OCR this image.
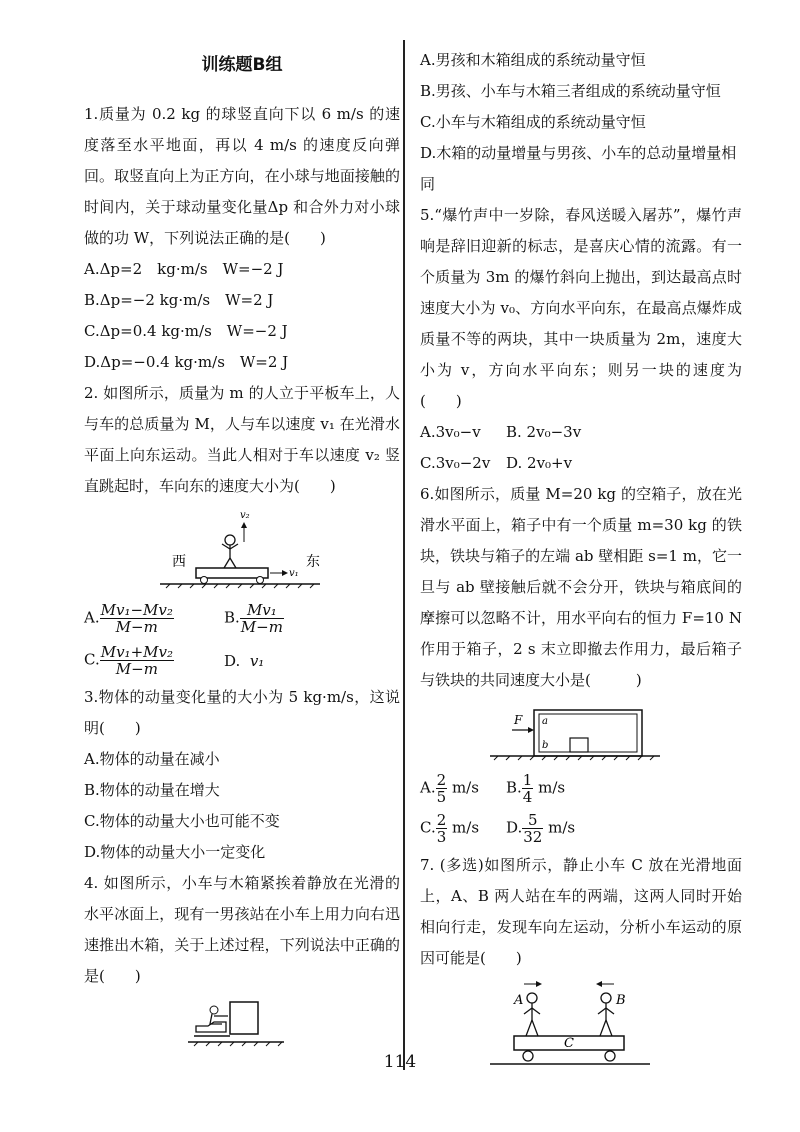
训练题B组

1.质量为 0.2 kg 的球竖直向下以 6 m/s 的速度落至水平地面，再以 4 m/s 的速度反向弹回。取竖直向上为正方向，在小球与地面接触的时间内，关于球动量变化量Δp 和合外力对小球做的功 W，下列说法正确的是(　　)

A.Δp=2　kg·m/s　W=−2 J

B.Δp=−2 kg·m/s　W=2 J

C.Δp=0.4 kg·m/s　W=−2 J

D.Δp=−0.4 kg·m/s　W=2 J

2. 如图所示，质量为 m 的人立于平板车上，人与车的总质量为 M，人与车以速度 v₁ 在光滑水平面上向东运动。当此人相对于车以速度 v₂ 竖直跳起时，车向东的速度大小为(　　)

西	东
v₂
v₁
A. $\frac{\text{Mv₁−Mv₂}}{M-m}$	B. $\frac{\text{Mv₁}}{M-m}$
C. $\frac{\text{Mv₁+Mv₂}}{M-m}$	D. v₁

3.物体的动量变化量的大小为 5 kg·m/s，这说明(　　)

A.物体的动量在减小

B.物体的动量在增大

C.物体的动量大小也可能不变

D.物体的动量大小一定变化

4. 如图所示，小车与木箱紧挨着静放在光滑的水平冰面上，现有一男孩站在小车上用力向右迅速推出木箱，关于上述过程，下列说法中正确的是(　　)

A.男孩和木箱组成的系统动量守恒

B.男孩、小车与木箱三者组成的系统动量守恒

C.小车与木箱组成的系统动量守恒

D.木箱的动量增量与男孩、小车的总动量增量相同

5.“爆竹声中一岁除，春风送暖入屠苏”，爆竹声响是辞旧迎新的标志，是喜庆心情的流露。有一个质量为 3m 的爆竹斜向上抛出，到达最高点时速度大小为 v₀、方向水平向东，在最高点爆炸成质量不等的两块，其中一块质量为 2m，速度大小为 v，方向水平向东；则另一块的速度为　(　　)

A.3v₀−v B. 2v₀−3v
C.3v₀−2v D. 2v₀+v

6.如图所示，质量 M=20 kg 的空箱子，放在光滑水平面上，箱子中有一个质量 m=30 kg 的铁块，铁块与箱子的左端 ab 壁相距 s=1 m，它一旦与 ab 壁接触后就不会分开，铁块与箱底间的摩擦可以忽略不计，用水平向右的恒力 F=10 N 作用于箱子，2 s 末立即撤去作用力，最后箱子与铁块的共同速度大小是(　　　)

a
b
F
A. $\frac{2}{5} m/s$ B. $\frac{1}{4} m/s$
C. $\frac{2}{3} m/s$ D. $\frac{5}{32} m/s$

7. (多选)如图所示，静止小车 C 放在光滑地面上，A、B 两人站在车的两端，这两人同时开始相向行走，发现车向左运动，分析小车运动的原因可能是(　　)

C
A	B
114
